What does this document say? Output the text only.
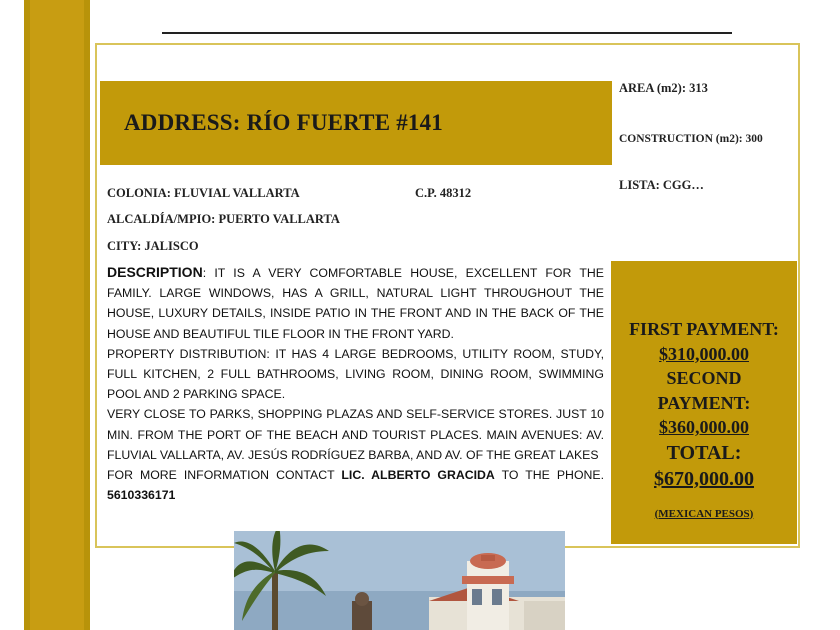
ADDRESS: RÍO FUERTE #141
AREA (m2): 313
CONSTRUCTION (m2): 300
LISTA: CGG…
COLONIA: FLUVIAL VALLARTA	C.P. 48312
ALCALDÍA/MPIO: PUERTO VALLARTA
CITY: JALISCO

DESCRIPTION: IT IS A VERY COMFORTABLE HOUSE, EXCELLENT FOR THE FAMILY. LARGE WINDOWS, HAS A GRILL, NATURAL LIGHT THROUGHOUT THE HOUSE, LUXURY DETAILS, INSIDE PATIO IN THE FRONT AND IN THE BACK OF THE HOUSE AND BEAUTIFUL TILE FLOOR IN THE FRONT YARD.

PROPERTY DISTRIBUTION: IT HAS 4 LARGE BEDROOMS, UTILITY ROOM, STUDY, FULL KITCHEN, 2 FULL BATHROOMS, LIVING ROOM, DINING ROOM, SWIMMING POOL AND 2 PARKING SPACE.

VERY CLOSE TO PARKS, SHOPPING PLAZAS AND SELF-SERVICE STORES. JUST 10 MIN. FROM THE PORT OF THE BEACH AND TOURIST PLACES. MAIN AVENUES: AV. FLUVIAL VALLARTA, AV. JESÚS RODRÍGUEZ BARBA, AND AV. OF THE GREAT LAKES

FOR MORE INFORMATION CONTACT LIC. ALBERTO GRACIDA TO THE PHONE. 5610336171

FIRST PAYMENT:
$310,000.00
SECOND PAYMENT:
$360,000.00
TOTAL:
$670,000.00
(MEXICAN PESOS)
